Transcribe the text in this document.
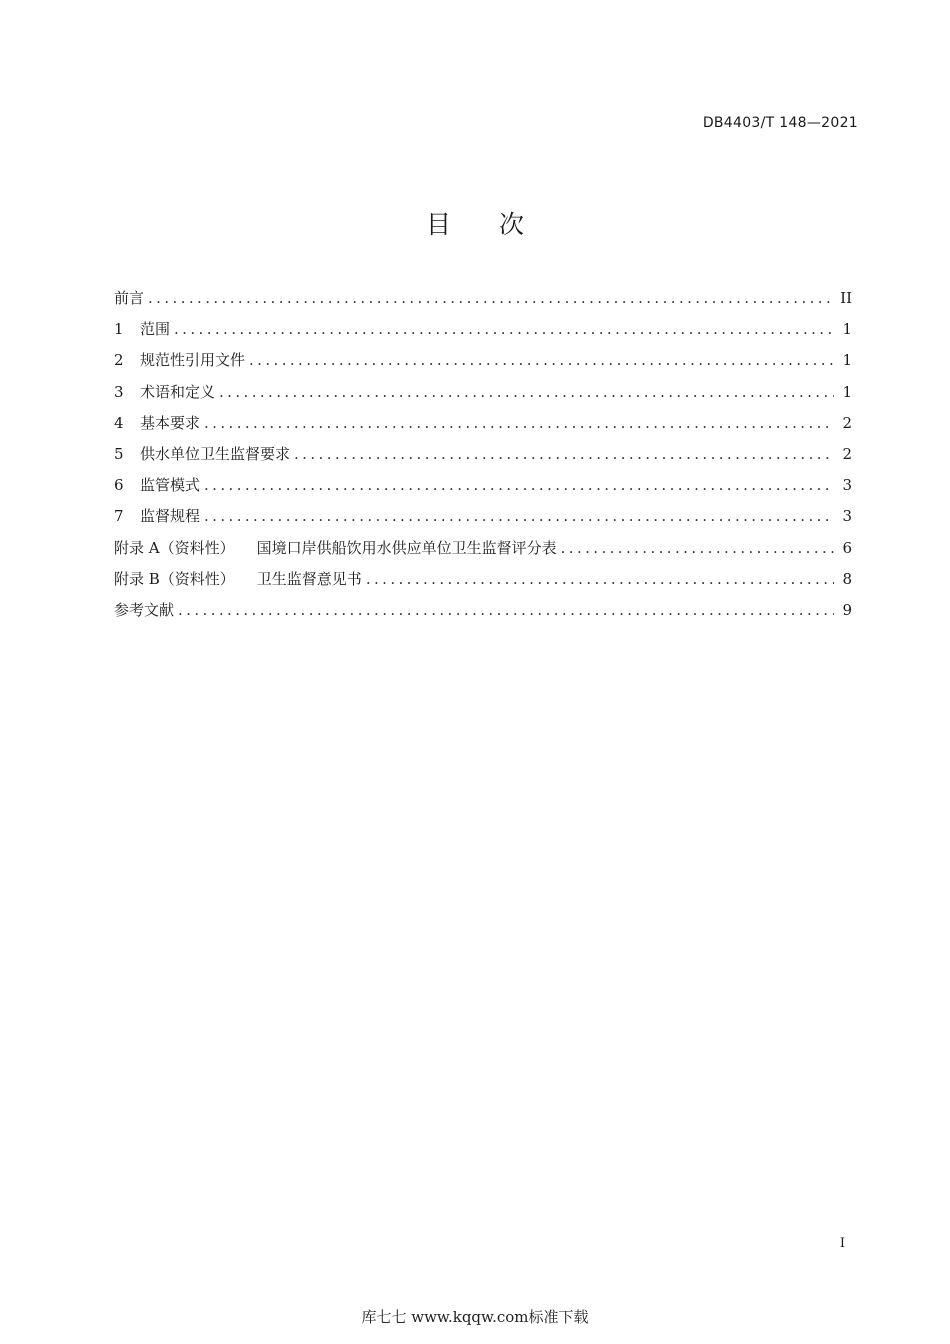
DB4403/T 148—2021
目 次
前言 .....	II
1	范围 .....	1
2	规范性引用文件 .....	1
3	术语和定义 .....	1
4	基本要求 .....	2
5	供水单位卫生监督要求 .....	2
6	监管模式 .....	3
7	监督规程 .....	3
附录 A（资料性） 国境口岸供船饮用水供应单位卫生监督评分表 .....	6
附录 B（资料性） 卫生监督意见书 .....	8
参考文献 .....	9
I
库七七 www.kqqw.com标准下载
